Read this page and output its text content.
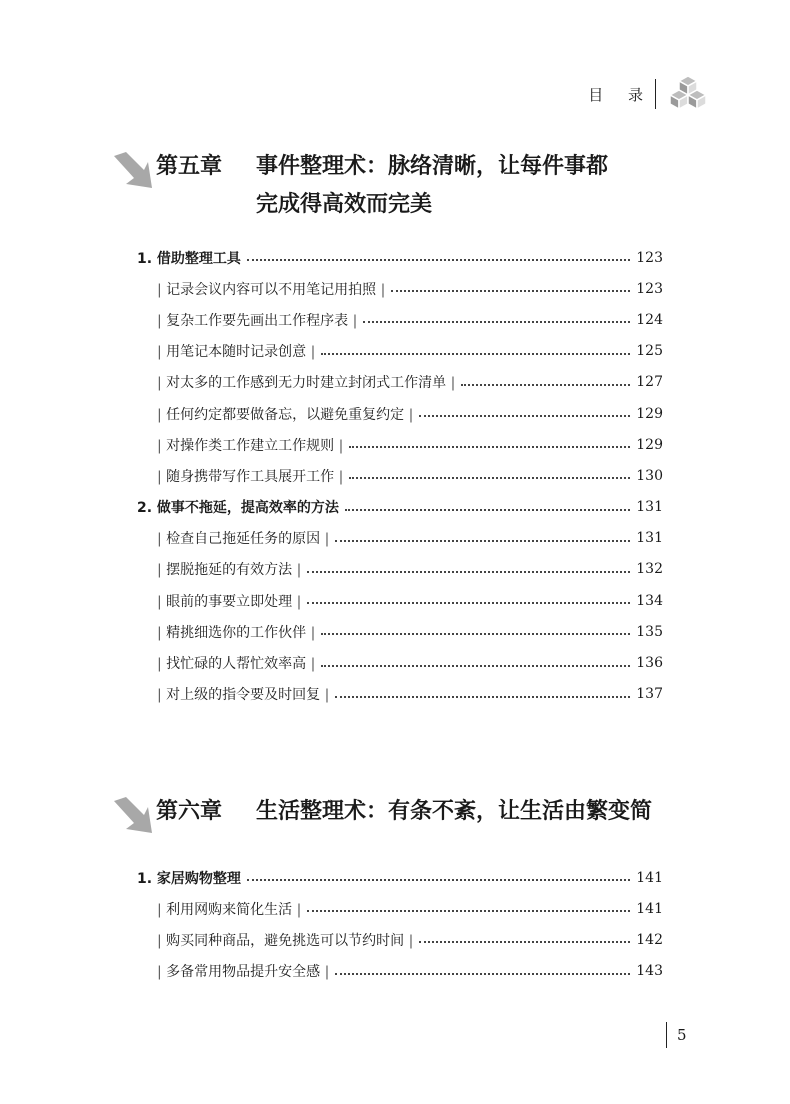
目 录
第五章 事件整理术：脉络清晰，让每件事都
完成得高效而完美
1. 借助整理工具	123
| 记录会议内容可以不用笔记用拍照 |	123
| 复杂工作要先画出工作程序表 |	124
| 用笔记本随时记录创意 |	125
| 对太多的工作感到无力时建立封闭式工作清单 |	127
| 任何约定都要做备忘，以避免重复约定 |	129
| 对操作类工作建立工作规则 |	129
| 随身携带写作工具展开工作 |	130
2. 做事不拖延，提高效率的方法	131
| 检查自己拖延任务的原因 |	131
| 摆脱拖延的有效方法 |	132
| 眼前的事要立即处理 |	134
| 精挑细选你的工作伙伴 |	135
| 找忙碌的人帮忙效率高 |	136
| 对上级的指令要及时回复 |	137
第六章 生活整理术：有条不紊，让生活由繁变简
1. 家居购物整理	141
| 利用网购来简化生活 |	141
| 购买同种商品，避免挑选可以节约时间 |	142
| 多备常用物品提升安全感 |	143
5
